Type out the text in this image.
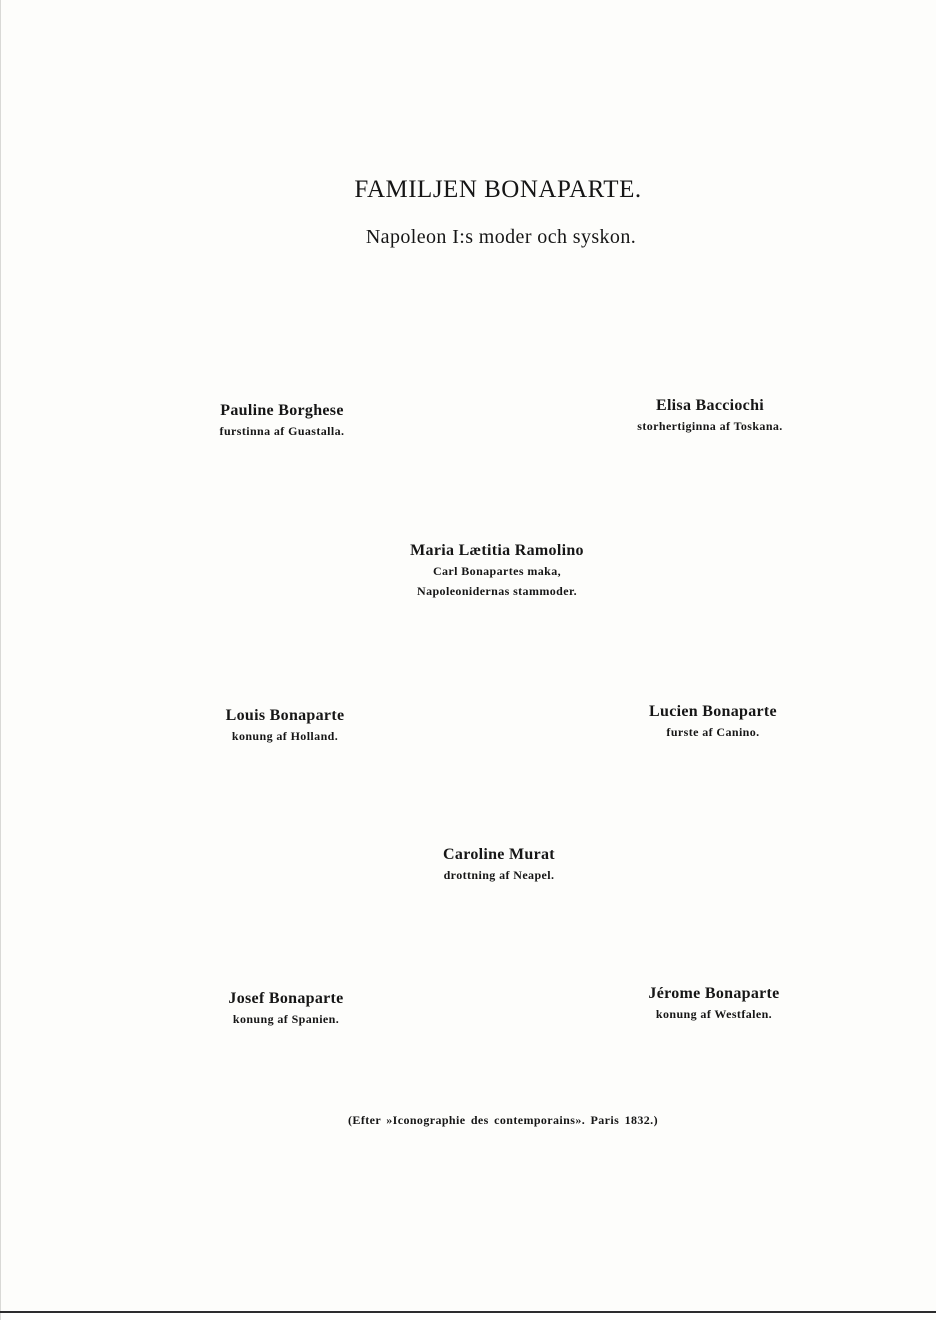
FAMILJEN BONAPARTE.
Napoleon I:s moder och syskon.
Pauline Borghese
furstinna af Guastalla.
Elisa Bacciochi
storhertiginna af Toskana.
Maria Lætitia Ramolino
Carl Bonapartes maka,
Napoleonidernas stammoder.
Louis Bonaparte
konung af Holland.
Lucien Bonaparte
furste af Canino.
Caroline Murat
drottning af Neapel.
Josef Bonaparte
konung af Spanien.
Jérome Bonaparte
konung af Westfalen.
(Efter »Iconographie des contemporains». Paris 1832.)
